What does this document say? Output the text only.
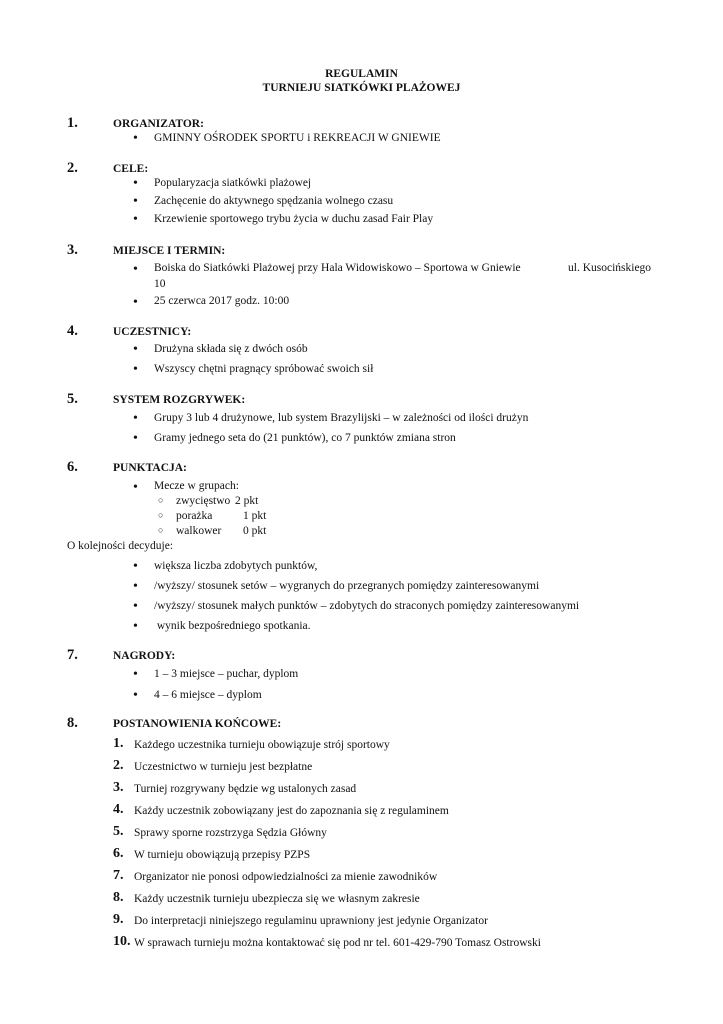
REGULAMIN
TURNIEJU SIATKÓWKI PLAŻOWEJ
1.	ORGANIZATOR:
• GMINNY OŚRODEK SPORTU i REKREACJI W GNIEWIE
2.	CELE:
• Popularyzacja siatkówki plażowej
• Zachęcenie do aktywnego spędzania wolnego czasu
• Krzewienie sportowego trybu życia w duchu zasad Fair Play
3.	MIEJSCE I TERMIN:
• Boiska do Siatkówki Plażowej przy Hala Widowiskowo – Sportowa w Gniewie	ul. Kusocińskiego
10
• 25 czerwca 2017 godz. 10:00
4.	UCZESTNICY:
• Drużyna składa się z dwóch osób
• Wszyscy chętni pragnący spróbować swoich sił
5.	SYSTEM ROZGRYWEK:
• Grupy 3 lub 4 drużynowe, lub system Brazylijski – w zależności od ilości drużyn
• Gramy jednego seta do (21 punktów), co 7 punktów zmiana stron
6.	PUNKTACJA:
• Mecze w grupach:
○ zwycięstwo 2 pkt
○ porażka	1 pkt
○ walkower 0 pkt
O kolejności decyduje:
• większa liczba zdobytych punktów,
• /wyższy/ stosunek setów – wygranych do przegranych pomiędzy zainteresowanymi
• /wyższy/ stosunek małych punktów – zdobytych do straconych pomiędzy zainteresowanymi
• wynik bezpośredniego spotkania.
7.	NAGRODY:
• 1 – 3 miejsce – puchar, dyplom
• 4 – 6 miejsce – dyplom
8.	POSTANOWIENIA KOŃCOWE:
1. Każdego uczestnika turnieju obowiązuje strój sportowy
2. Uczestnictwo w turnieju jest bezpłatne
3. Turniej rozgrywany będzie wg ustalonych zasad
4. Każdy uczestnik zobowiązany jest do zapoznania się z regulaminem
5. Sprawy sporne rozstrzyga Sędzia Główny
6. W turnieju obowiązują przepisy PZPS
7. Organizator nie ponosi odpowiedzialności za mienie zawodników
8. Każdy uczestnik turnieju ubezpiecza się we własnym zakresie
9. Do interpretacji niniejszego regulaminu uprawniony jest jedynie Organizator
10. W sprawach turnieju można kontaktować się pod nr tel. 601-429-790 Tomasz Ostrowski
